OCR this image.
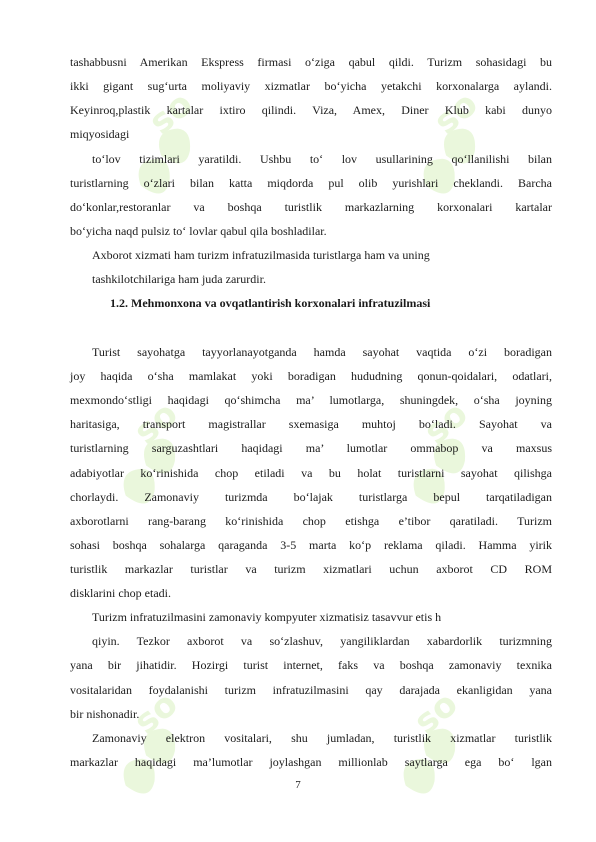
so	so
so	so
so	so
tashabbusni Amerikan Ekspress firmasi o‘ziga qabul qildi. Turizm sohasidagi bu
ikki gigant sug‘urta moliyaviy xizmatlar bo‘yicha yetakchi korxonalarga aylandi.
Keyinroq,plastik kartalar ixtiro qilindi. Viza, Amex, Diner Klub kabi dunyo
miqyosidagi
to‘lov tizimlari yaratildi. Ushbu to‘ lov usullarining qo‘llanilishi bilan
turistlarning o‘zlari bilan katta miqdorda pul olib yurishlari cheklandi. Barcha
do‘konlar,restoranlar va boshqa turistlik markazlarning korxonalari kartalar
bo‘yicha naqd pulsiz to‘ lovlar qabul qila boshladilar.
Axborot xizmati ham turizm infratuzilmasida turistlarga ham va uning
tashkilotchilariga ham juda zarurdir.
1.2. Mehmonxona va ovqatlantirish korxonalari infratuzilmasi
Turist sayohatga tayyorlanayotganda hamda sayohat vaqtida o‘zi boradigan
joy haqida o‘sha mamlakat yoki boradigan hududning qonun-qoidalari, odatlari,
mexmondo‘stligi haqidagi qo‘shimcha ma’ lumotlarga, shuningdek, o‘sha joyning
haritasiga, transport magistrallar sxemasiga muhtoj bo‘ladi. Sayohat va
turistlarning sarguzashtlari haqidagi ma’ lumotlar ommabop va maxsus
adabiyotlar ko‘rinishida chop etiladi va bu holat turistlarni sayohat qilishga
chorlaydi. Zamonaviy turizmda bo‘lajak turistlarga bepul tarqatiladigan
axborotlarni rang-barang ko‘rinishida chop etishga e’tibor qaratiladi. Turizm
sohasi boshqa sohalarga qaraganda 3-5 marta ko‘p reklama qiladi. Hamma yirik
turistlik markazlar turistlar va turizm xizmatlari uchun axborot CD ROM
disklarini chop etadi.
Turizm infratuzilmasini zamonaviy kompyuter xizmatisiz tasavvur etis h
qiyin. Tezkor axborot va so‘zlashuv, yangiliklardan xabardorlik turizmning
yana bir jihatidir. Hozirgi turist internet, faks va boshqa zamonaviy texnika
vositalaridan foydalanishi turizm infratuzilmasini qay darajada ekanligidan yana
bir nishonadir.
Zamonaviy elektron vositalari, shu jumladan, turistlik xizmatlar turistlik
markazlar haqidagi ma’lumotlar joylashgan millionlab saytlarga ega bo‘ lgan
7
